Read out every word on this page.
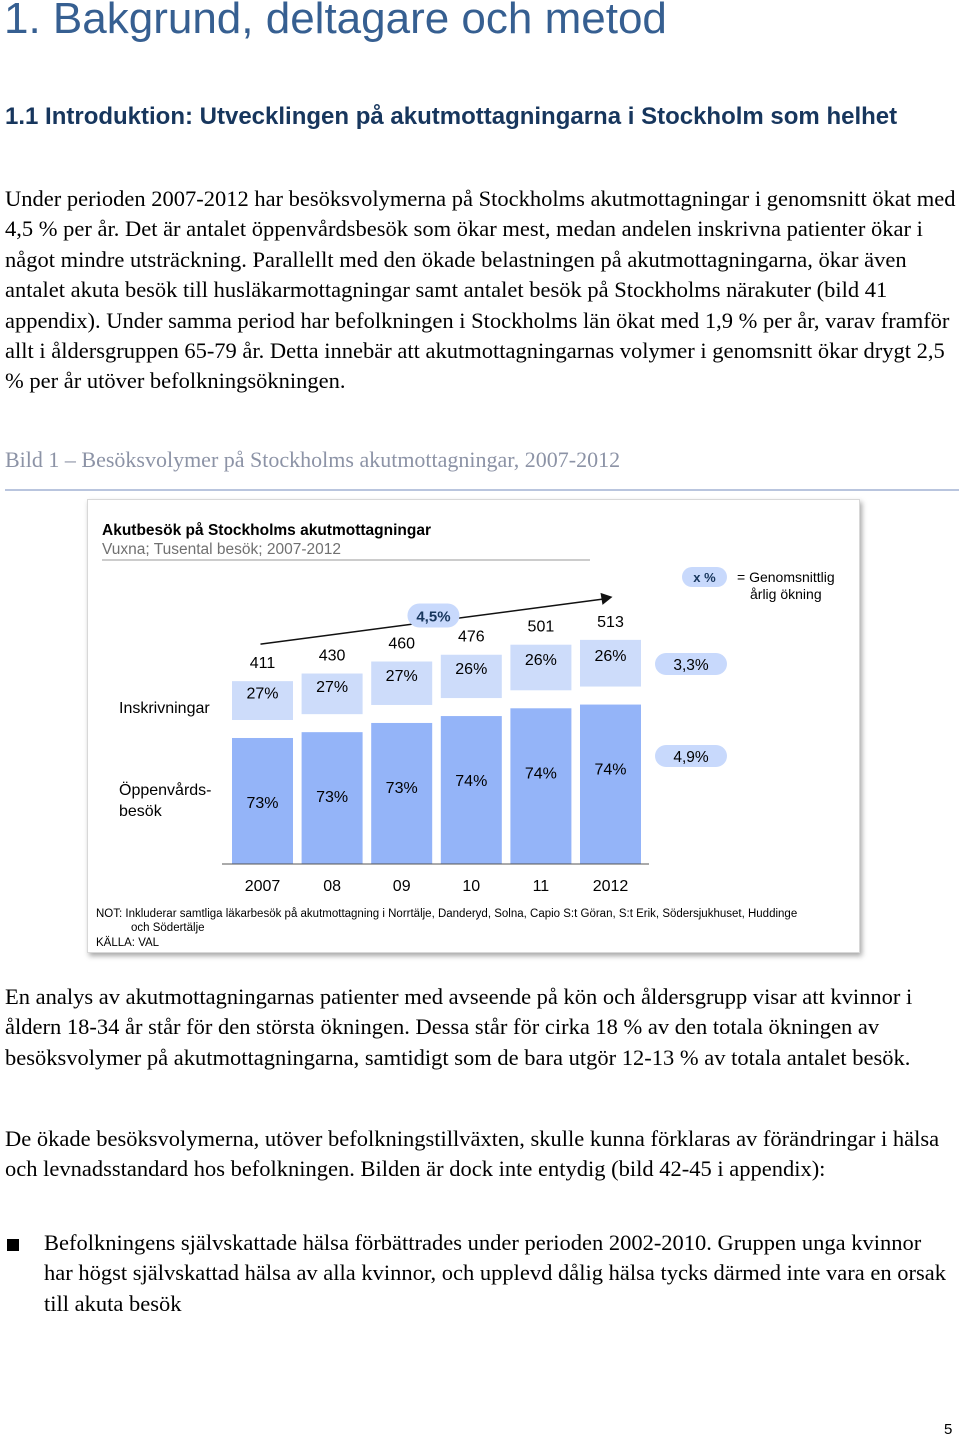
1. Bakgrund, deltagare och metod
1.1 Introduktion: Utvecklingen på akutmottagningarna i Stockholm som helhet

Under perioden 2007-2012 har besöksvolymerna på Stockholms akutmottagningar i genomsnitt ökat med 4,5 % per år. Det är antalet öppenvårdsbesök som ökar mest, medan andelen inskrivna patienter ökar i något mindre utsträckning. Parallellt med den ökade belastningen på akutmottagningarna, ökar även antalet akuta besök till husläkarmottagningar samt antalet besök på Stockholms närakuter (bild 41 appendix). Under samma period har befolkningen i Stockholms län ökat med 1,9 % per år, varav framför allt i åldersgruppen 65-79 år. Detta innebär att akutmottagningarnas volymer i genomsnitt ökar drygt 2,5 % per år utöver befolkningsökningen.

Bild 1 – Besöksvolymer på Stockholms akutmottagningar, 2007-2012
Akutbesök på Stockholms akutmottagningar
Vuxna; Tusental besök; 2007-2012
Inskrivningar
Öppenvårds-
besök
x % = Genomsnittlig
årlig ökning
NOT: Inkluderar samtliga läkarbesök på akutmottagning i Norrtälje, Danderyd, Solna, Capio S:t Göran, S:t Erik, Södersjukhuset, Huddinge
och Södertälje
KÄLLA: VAL
411
27%
73%
2007
430
27%
73%
08
460
27%
73%
09
476
26%
74%
10
501
26%
74%
11
513
26%
74%
2012
4,5%
3,3%
4,9%

En analys av akutmottagningarnas patienter med avseende på kön och åldersgrupp visar att kvinnor i åldern 18-34 år står för den största ökningen. Dessa står för cirka 18 % av den totala ökningen av besöksvolymer på akutmottagningarna, samtidigt som de bara utgör 12-13 % av totala antalet besök.

De ökade besöksvolymerna, utöver befolkningstillväxten, skulle kunna förklaras av förändringar i hälsa och levnadsstandard hos befolkningen. Bilden är dock inte entydig (bild 42-45 i appendix):

Befolkningens självskattade hälsa förbättrades under perioden 2002-2010. Gruppen unga kvinnor har högst självskattad hälsa av alla kvinnor, och upplevd dålig hälsa tycks därmed inte vara en orsak till akuta besök

5
